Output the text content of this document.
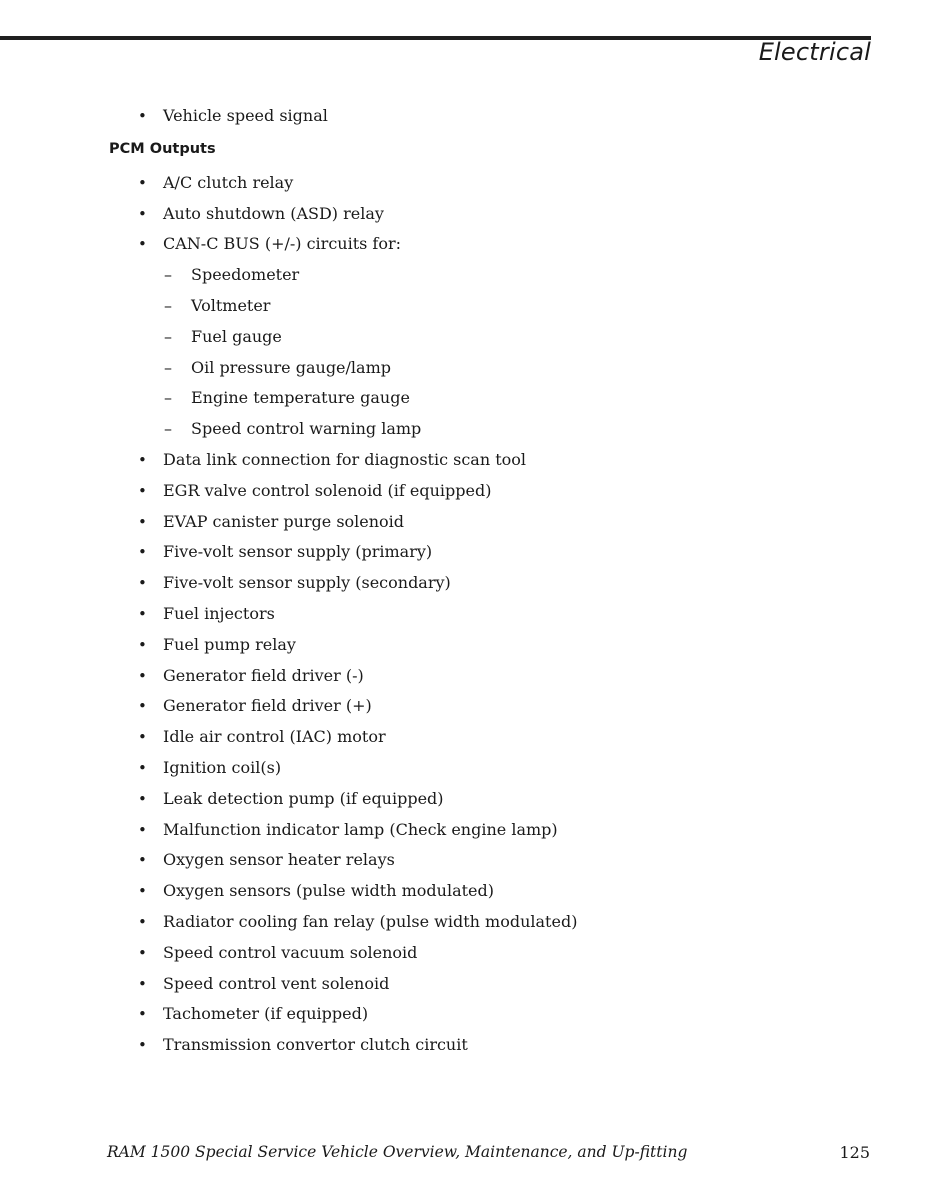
Electrical
• Vehicle speed signal
PCM Outputs
• A/C clutch relay
• Auto shutdown (ASD) relay
• CAN-C BUS (+/-) circuits for:
– Speedometer
– Voltmeter
– Fuel gauge
– Oil pressure gauge/lamp
– Engine temperature gauge
– Speed control warning lamp
• Data link connection for diagnostic scan tool
• EGR valve control solenoid (if equipped)
• EVAP canister purge solenoid
• Five-volt sensor supply (primary)
• Five-volt sensor supply (secondary)
• Fuel injectors
• Fuel pump relay
• Generator field driver (-)
• Generator field driver (+)
• Idle air control (IAC) motor
• Ignition coil(s)
• Leak detection pump (if equipped)
• Malfunction indicator lamp (Check engine lamp)
• Oxygen sensor heater relays
• Oxygen sensors (pulse width modulated)
• Radiator cooling fan relay (pulse width modulated)
• Speed control vacuum solenoid
• Speed control vent solenoid
• Tachometer (if equipped)
• Transmission convertor clutch circuit
RAM 1500 Special Service Vehicle Overview, Maintenance, and Up-fitting	125
